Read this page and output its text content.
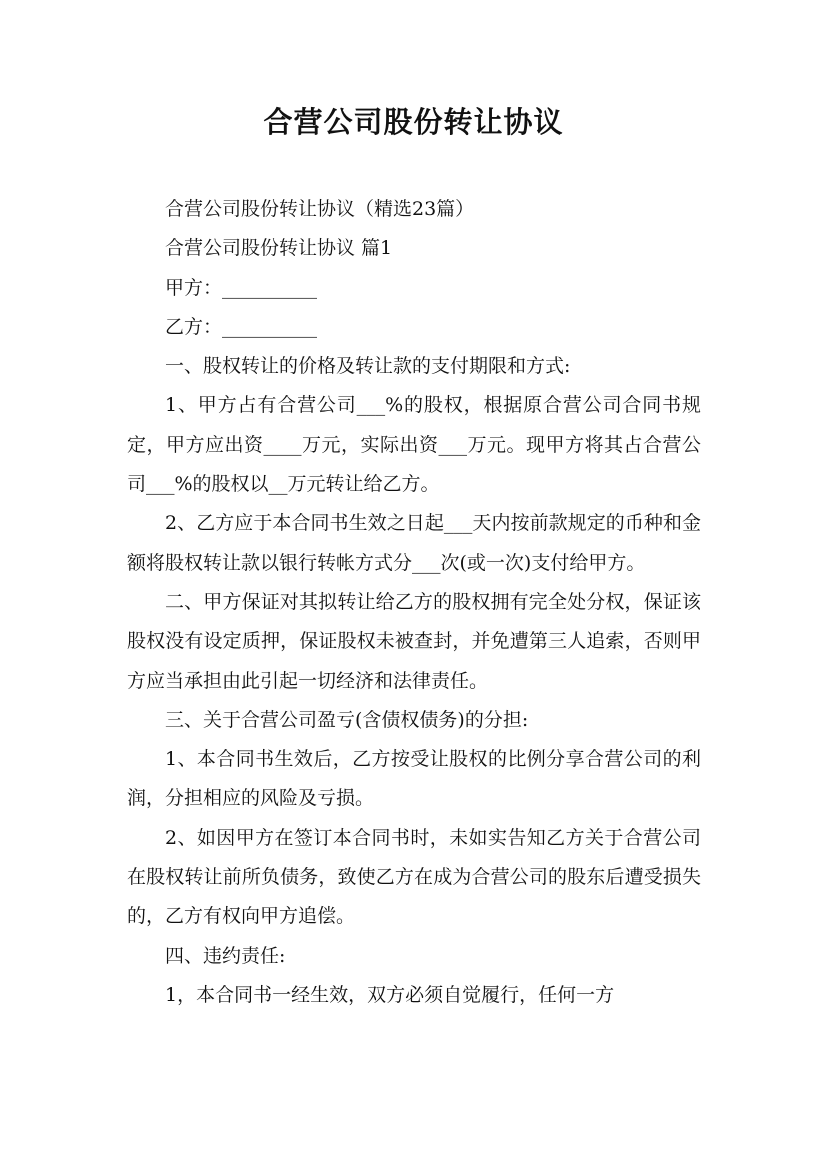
合营公司股份转让协议

合营公司股份转让协议（精选23篇）

合营公司股份转让协议 篇1

甲方：__________

乙方：__________

一、股权转让的价格及转让款的支付期限和方式:

1、甲方占有合营公司___%的股权，根据原合营公司合同书规定，甲方应出资____万元，实际出资___万元。现甲方将其占合营公司___%的股权以__万元转让给乙方。

2、乙方应于本合同书生效之日起___天内按前款规定的币种和金额将股权转让款以银行转帐方式分___次(或一次)支付给甲方。

二、甲方保证对其拟转让给乙方的股权拥有完全处分权，保证该股权没有设定质押，保证股权未被查封，并免遭第三人追索，否则甲方应当承担由此引起一切经济和法律责任。

三、关于合营公司盈亏(含债权债务)的分担:

1、本合同书生效后，乙方按受让股权的比例分享合营公司的利润，分担相应的风险及亏损。

2、如因甲方在签订本合同书时，未如实告知乙方关于合营公司在股权转让前所负债务，致使乙方在成为合营公司的股东后遭受损失的，乙方有权向甲方追偿。

四、违约责任:

1，本合同书一经生效，双方必须自觉履行，任何一方
